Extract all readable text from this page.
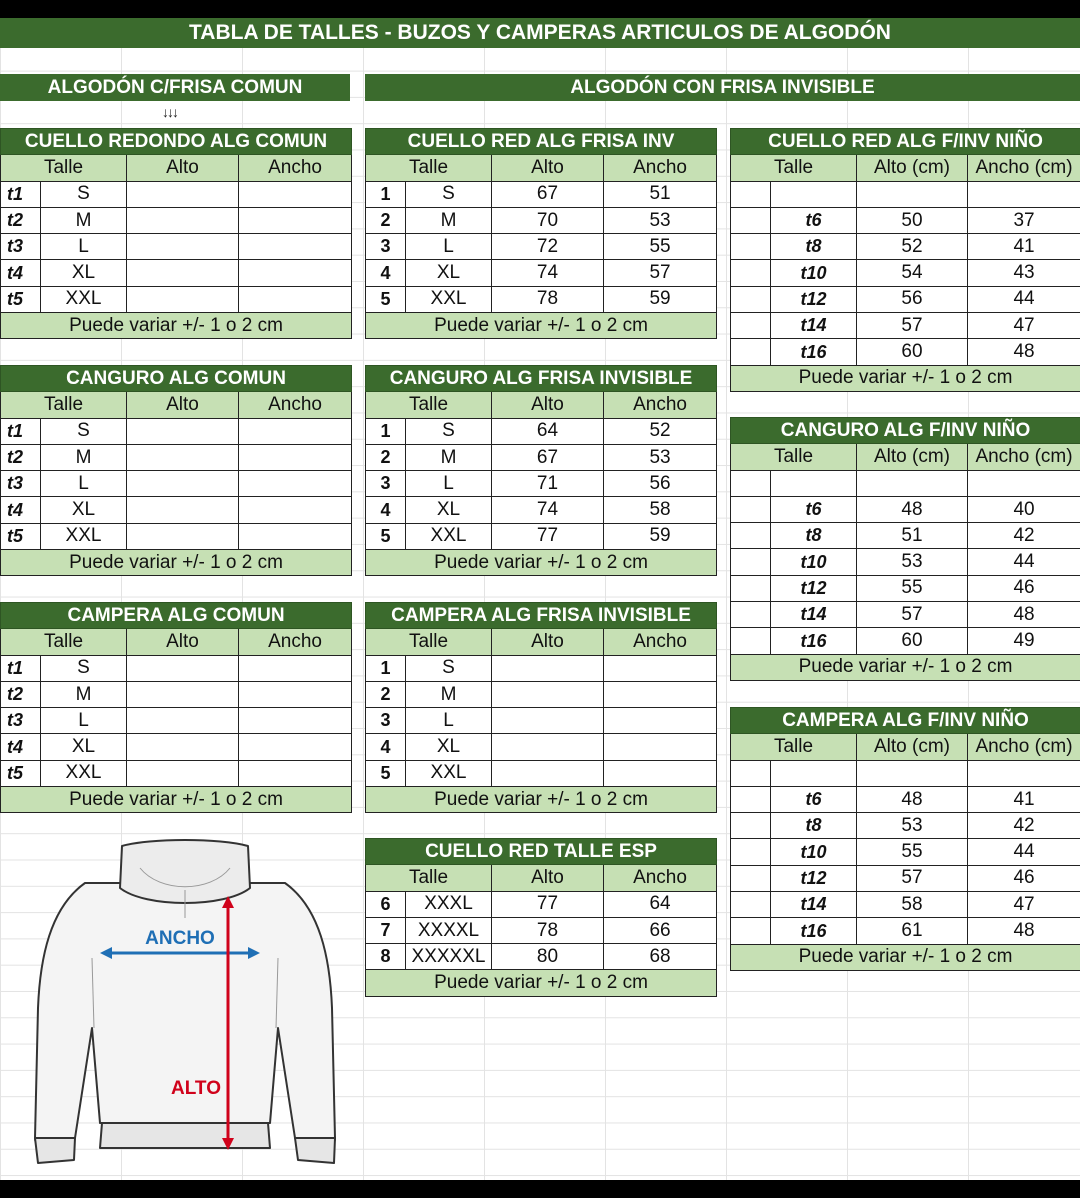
TABLA DE TALLES - BUZOS Y CAMPERAS ARTICULOS DE ALGODÓN
ALGODÓN C/FRISA COMUN	ALGODÓN CON FRISA INVISIBLE
↓↓↓
CUELLO REDONDO ALG COMUN			
Talle		Alto	Ancho
t1	S		
t2	M		
t3	L		
t4	XL		
t5	XXL		
Puede variar +/- 1 o 2 cm			
CANGURO ALG COMUN			
Talle		Alto	Ancho
t1	S		
t2	M		
t3	L		
t4	XL		
t5	XXL		
Puede variar +/- 1 o 2 cm			
CAMPERA ALG COMUN			
Talle		Alto	Ancho
t1	S		
t2	M		
t3	L		
t4	XL		
t5	XXL		
Puede variar +/- 1 o 2 cm			
CUELLO RED ALG FRISA INV			
Talle		Alto	Ancho
1	S	67	51
2	M	70	53
3	L	72	55
4	XL	74	57
5	XXL	78	59
Puede variar +/- 1 o 2 cm			
CANGURO ALG FRISA INVISIBLE			
Talle		Alto	Ancho
1	S	64	52
2	M	67	53
3	L	71	56
4	XL	74	58
5	XXL	77	59
Puede variar +/- 1 o 2 cm			
CAMPERA ALG FRISA INVISIBLE			
Talle		Alto	Ancho
1	S		
2	M		
3	L		
4	XL		
5	XXL		
Puede variar +/- 1 o 2 cm			
CUELLO RED TALLE ESP			
Talle		Alto	Ancho
6	XXXL	77	64
7	XXXXL	78	66
8	XXXXXL	80	68
Puede variar +/- 1 o 2 cm			
CUELLO RED ALG F/INV NIÑO			
Talle		Alto (cm)	Ancho (cm)

	t6	50	37
	t8	52	41
	t10	54	43
	t12	56	44
	t14	57	47
	t16	60	48
Puede variar +/- 1 o 2 cm			
CANGURO ALG F/INV NIÑO			
Talle		Alto (cm)	Ancho (cm)

	t6	48	40
	t8	51	42
	t10	53	44
	t12	55	46
	t14	57	48
	t16	60	49
Puede variar +/- 1 o 2 cm			
CAMPERA ALG F/INV NIÑO			
Talle		Alto (cm)	Ancho (cm)

	t6	48	41
	t8	53	42
	t10	55	44
	t12	57	46
	t14	58	47
	t16	61	48
Puede variar +/- 1 o 2 cm			
ANCHO
ALTO
